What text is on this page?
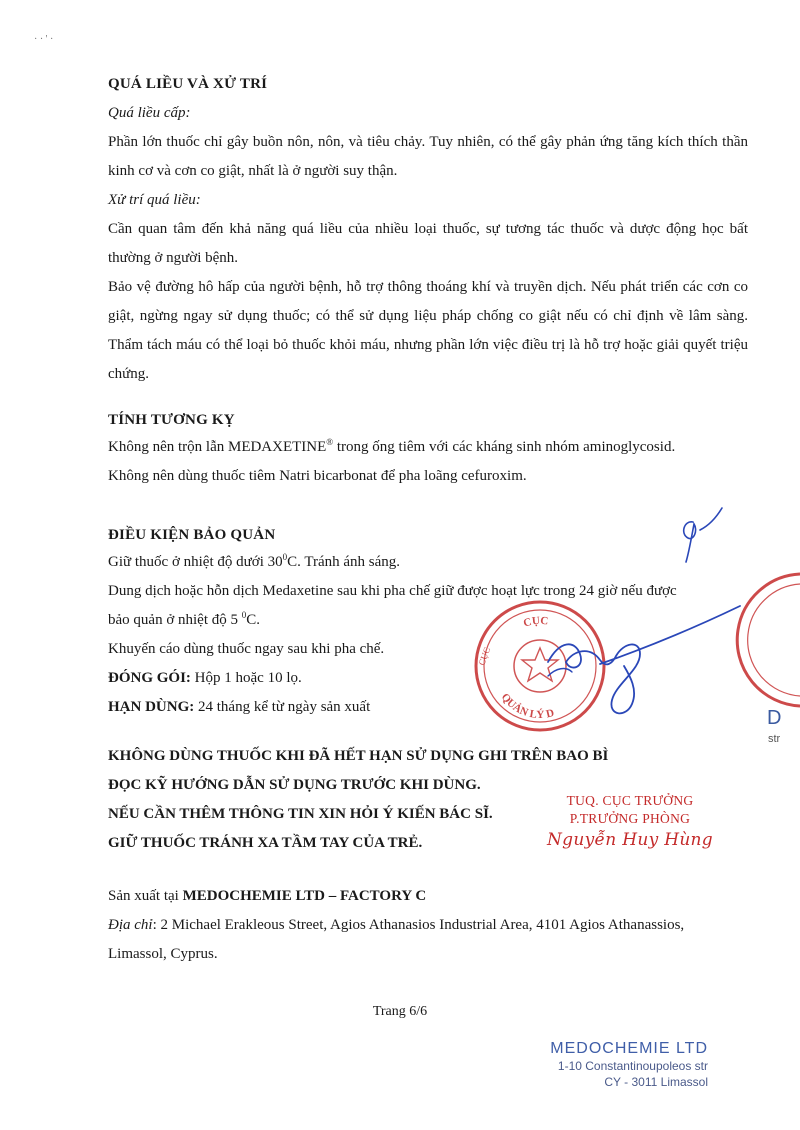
· · ' ·

QUÁ LIỀU VÀ XỬ TRÍ

Quá liều cấp:

Phần lớn thuốc chỉ gây buồn nôn, nôn, và tiêu chảy. Tuy nhiên, có thể gây phản ứng tăng kích thích thần kinh cơ và cơn co giật, nhất là ở người suy thận.

Xử trí quá liều:

Cần quan tâm đến khả năng quá liều của nhiều loại thuốc, sự tương tác thuốc và dược động học bất thường ở người bệnh.

Bảo vệ đường hô hấp của người bệnh, hỗ trợ thông thoáng khí và truyền dịch. Nếu phát triển các cơn co giật, ngừng ngay sử dụng thuốc; có thể sử dụng liệu pháp chống co giật nếu có chỉ định về lâm sàng. Thẩm tách máu có thể loại bỏ thuốc khỏi máu, nhưng phần lớn việc điều trị là hỗ trợ hoặc giải quyết triệu chứng.

TÍNH TƯƠNG KỴ

Không nên trộn lẫn MEDAXETINE® trong ống tiêm với các kháng sinh nhóm aminoglycosid.

Không nên dùng thuốc tiêm Natri bicarbonat để pha loãng cefuroxim.

ĐIỀU KIỆN BẢO QUẢN

Giữ thuốc ở nhiệt độ dưới $30^0C$. Tránh ánh sáng.

Dung dịch hoặc hỗn dịch Medaxetine sau khi pha chế giữ được hoạt lực trong 24 giờ nếu được

bảo quản ở nhiệt độ 5 $^0$C.

Khuyến cáo dùng thuốc ngay sau khi pha chế.

ĐÓNG GÓI: Hộp 1 hoặc 10 lọ.

HẠN DÙNG: 24 tháng kể từ ngày sản xuất

KHÔNG DÙNG THUỐC KHI ĐÃ HẾT HẠN SỬ DỤNG GHI TRÊN BAO BÌ

ĐỌC KỸ HƯỚNG DẪN SỬ DỤNG TRƯỚC KHI DÙNG.

NẾU CẦN THÊM THÔNG TIN XIN HỎI Ý KIẾN BÁC SĨ.

GIỮ THUỐC TRÁNH XA TẦM TAY CỦA TRẺ.

Sản xuất tại MEDOCHEMIE LTD – FACTORY C

Địa chỉ: 2 Michael Erakleous Street, Agios Athanasios Industrial Area, 4101 Agios Athanassios,

Limassol, Cyprus.

Trang 6/6
CỤC
QUẢN LÝ D
CỤC
D
str
TUQ. CỤC TRƯỞNG
P.TRƯỞNG PHÒNG
Nguyễn Huy Hùng
MEDOCHEMIE LTD
1-10 Constantinoupoleos str
CY - 3011 Limassol
